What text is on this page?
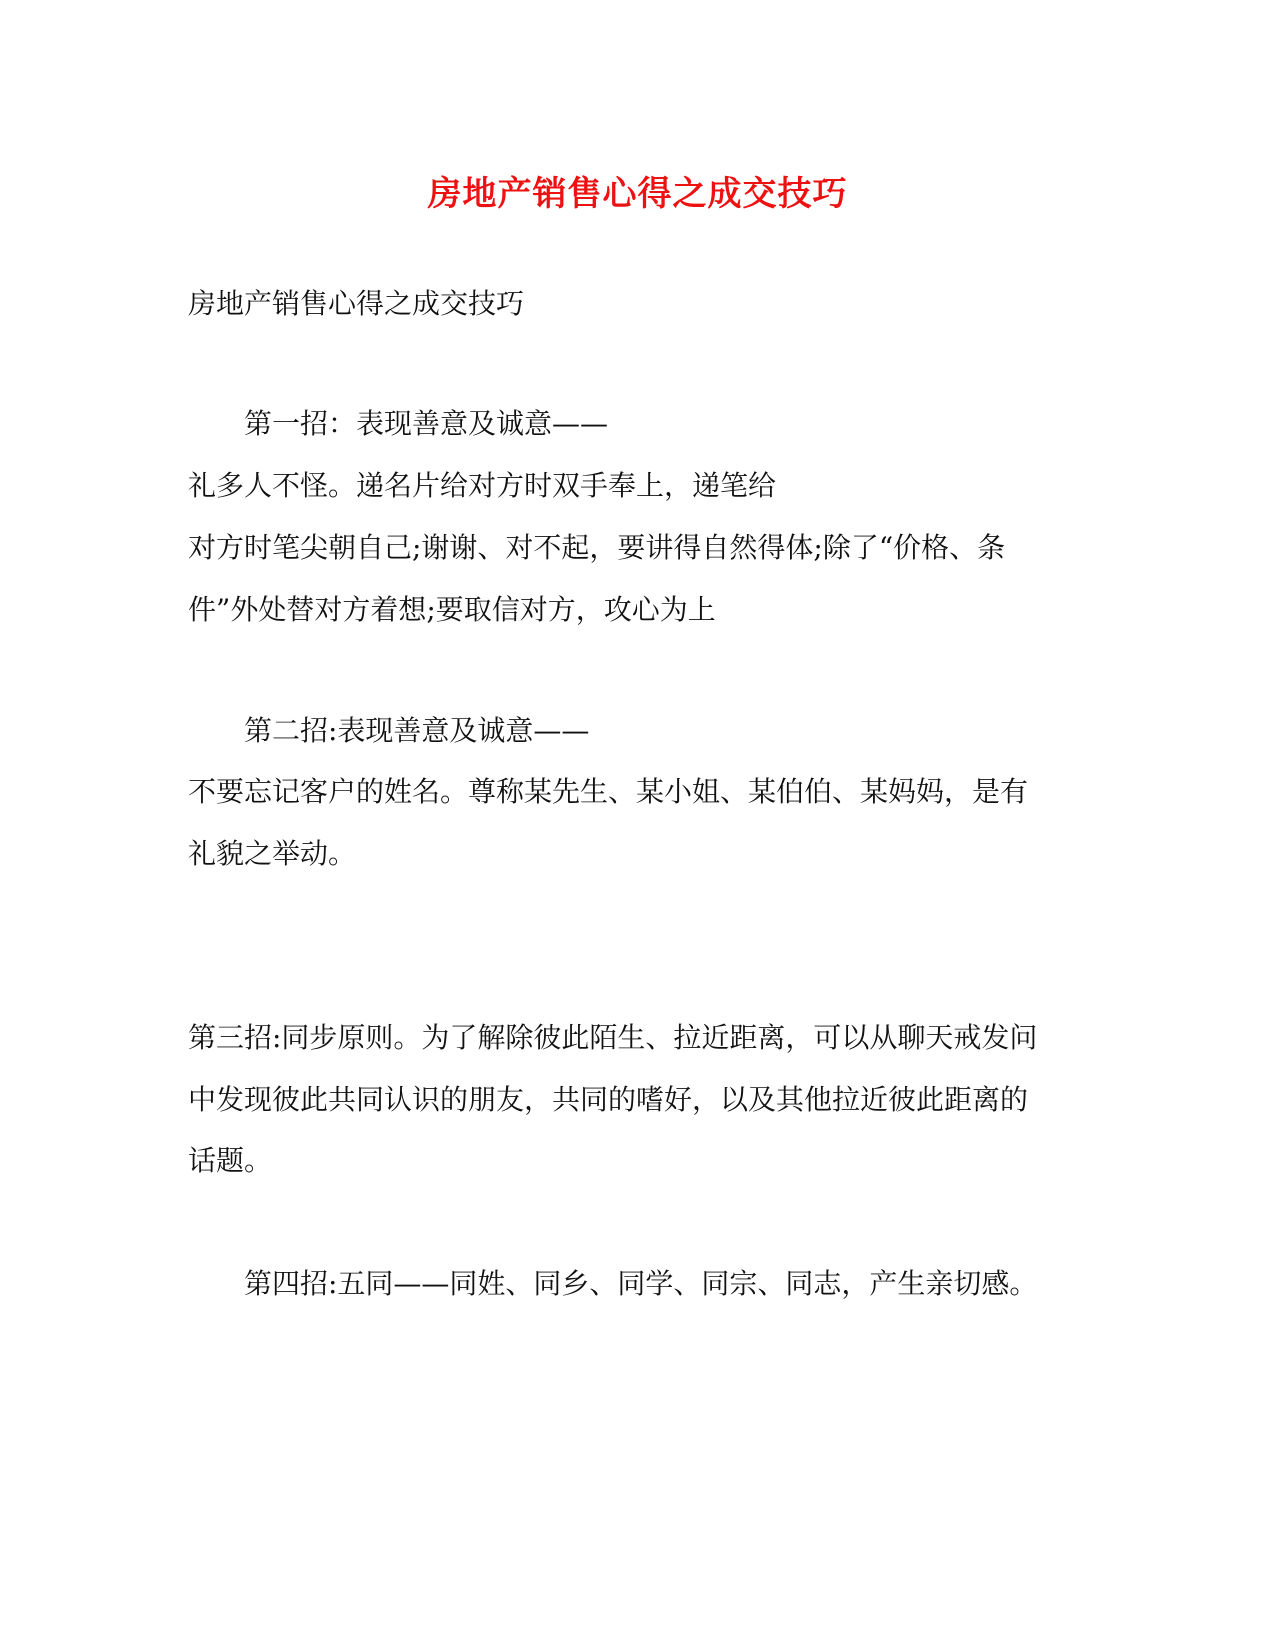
房地产销售心得之成交技巧
房地产销售心得之成交技巧
第一招：表现善意及诚意——
礼多人不怪。递名片给对方时双手奉上，递笔给
对方时笔尖朝自己;谢谢、对不起，要讲得自然得体;除了“价格、条
件”外处替对方着想;要取信对方，攻心为上
第二招:表现善意及诚意——
不要忘记客户的姓名。尊称某先生、某小姐、某伯伯、某妈妈，是有
礼貌之举动。
第三招:同步原则。为了解除彼此陌生、拉近距离，可以从聊天戒发问
中发现彼此共同认识的朋友，共同的嗜好，以及其他拉近彼此距离的
话题。
第四招:五同——同姓、同乡、同学、同宗、同志，产生亲切感。
